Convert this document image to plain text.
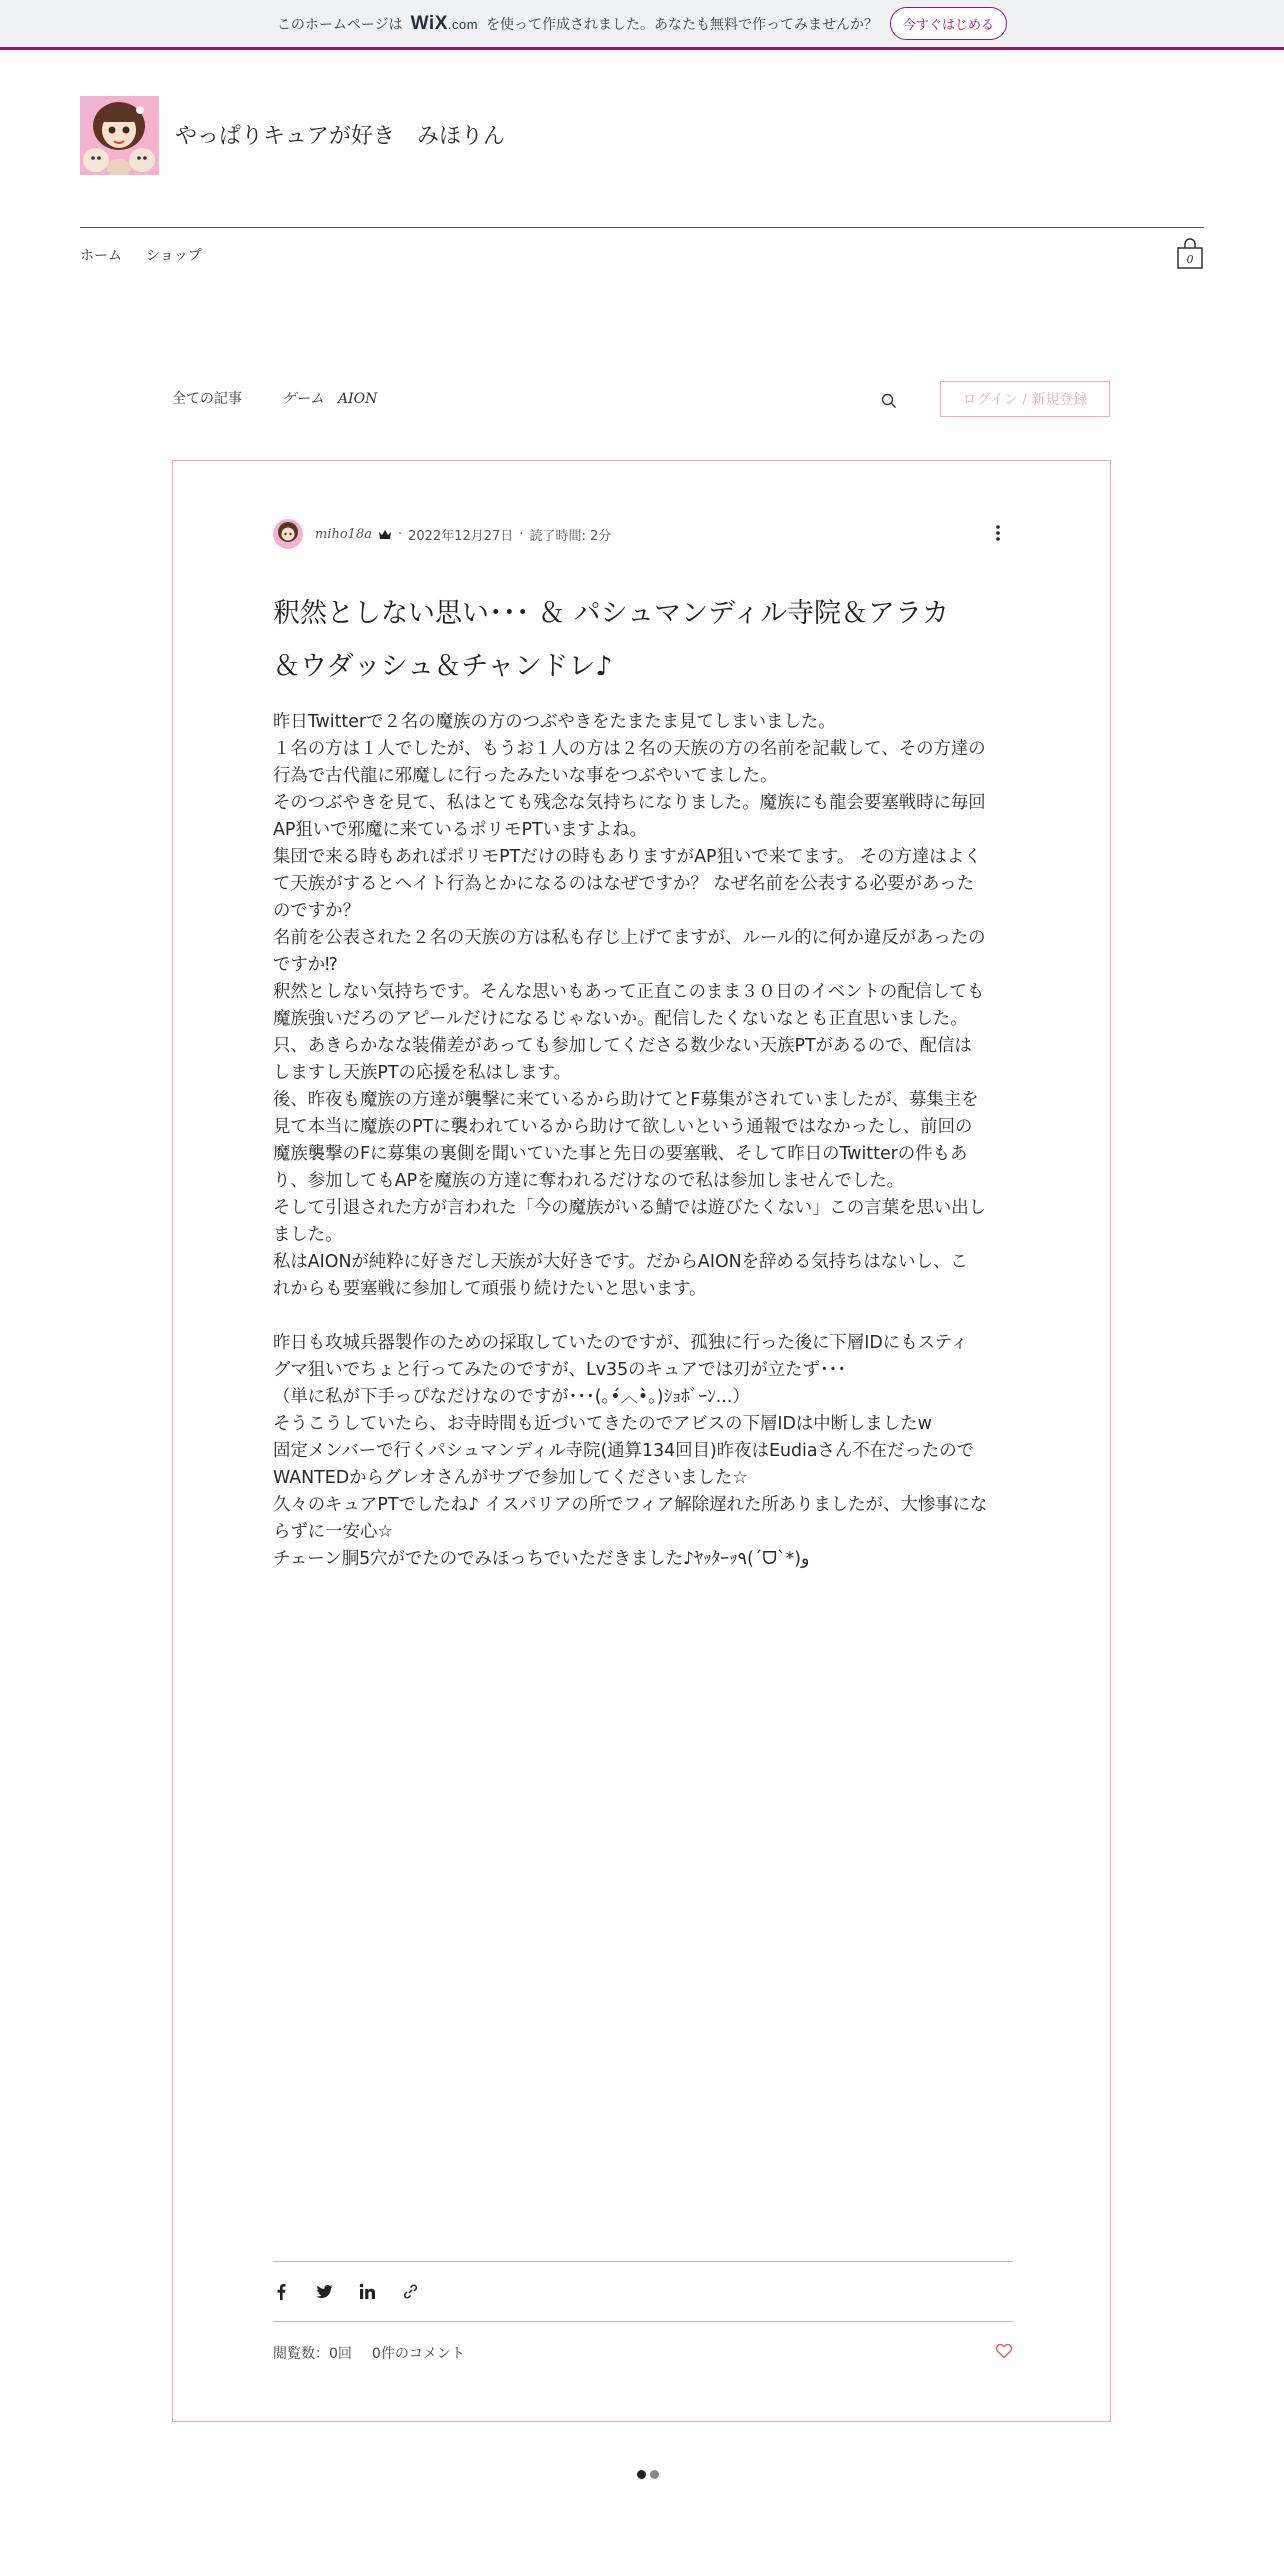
このホームページは WiX.com を使って作成されました。あなたも無料で作ってみませんか？	今すぐはじめる
やっぱりキュアが好き　みほりん
ホーム ショップ	0
全ての記事	ゲーム　AION	ログイン / 新規登録
miho18a · 2022年12月27日 · 読了時間: 2分
釈然としない思い･･･ ＆ パシュマンディル寺院＆アラカ
＆ウダッシュ＆チャンドレ♪
昨日Twitterで２名の魔族の方のつぶやきをたまたま見てしまいました。
１名の方は１人でしたが、もうお１人の方は２名の天族の方の名前を記載して、その方達の
行為で古代龍に邪魔しに行ったみたいな事をつぶやいてました。
そのつぶやきを見て、私はとても残念な気持ちになりました。魔族にも龍会要塞戦時に毎回
AP狙いで邪魔に来ているポリモPTいますよね。
集団で来る時もあればポリモPTだけの時もありますがAP狙いで来てます。 その方達はよく
て天族がするとヘイト行為とかになるのはなぜですか？ なぜ名前を公表する必要があった
のですか？
名前を公表された２名の天族の方は私も存じ上げてますが、ルール的に何か違反があったの
ですか⁉
釈然としない気持ちです。そんな思いもあって正直このまま３０日のイベントの配信しても
魔族強いだろのアピールだけになるじゃないか。配信したくないなとも正直思いました。
只、あきらかなな装備差があっても参加してくださる数少ない天族PTがあるので、配信は
しますし天族PTの応援を私はします。
後、昨夜も魔族の方達が襲撃に来ているから助けてとF募集がされていましたが、募集主を
見て本当に魔族のPTに襲われているから助けて欲しいという通報ではなかったし、前回の
魔族襲撃のFに募集の裏側を聞いていた事と先日の要塞戦、そして昨日のTwitterの件もあ
り、参加してもAPを魔族の方達に奪われるだけなので私は参加しませんでした。
そして引退された方が言われた「今の魔族がいる鯖では遊びたくない」この言葉を思い出し
ました。
私はAIONが純粋に好きだし天族が大好きです。だからAIONを辞める気持ちはないし、こ
れからも要塞戦に参加して頑張り続けたいと思います。
昨日も攻城兵器製作のための採取していたのですが、孤独に行った後に下層IDにもスティ
グマ狙いでちょと行ってみたのですが、Lv35のキュアでは刃が立たず･･･
（単に私が下手っぴなだけなのですが･･･(｡•́︿•̀｡)ｼｮﾎﾞｰﾝ...）
そうこうしていたら、お寺時間も近づいてきたのでアビスの下層IDは中断しましたw
固定メンバーで行くパシュマンディル寺院(通算134回目)昨夜はEudiaさん不在だったので
WANTEDからグレオさんがサブで参加してくださいました☆
久々のキュアPTでしたね♪ イスパリアの所でフィア解除遅れた所ありましたが、大惨事にな
らずに一安心☆
チェーン胴5穴がでたのでみほっちでいただきました♪ﾔｯﾀｰｯ٩(ˊᗜˋ*)و
閲覧数：0回 0件のコメント
